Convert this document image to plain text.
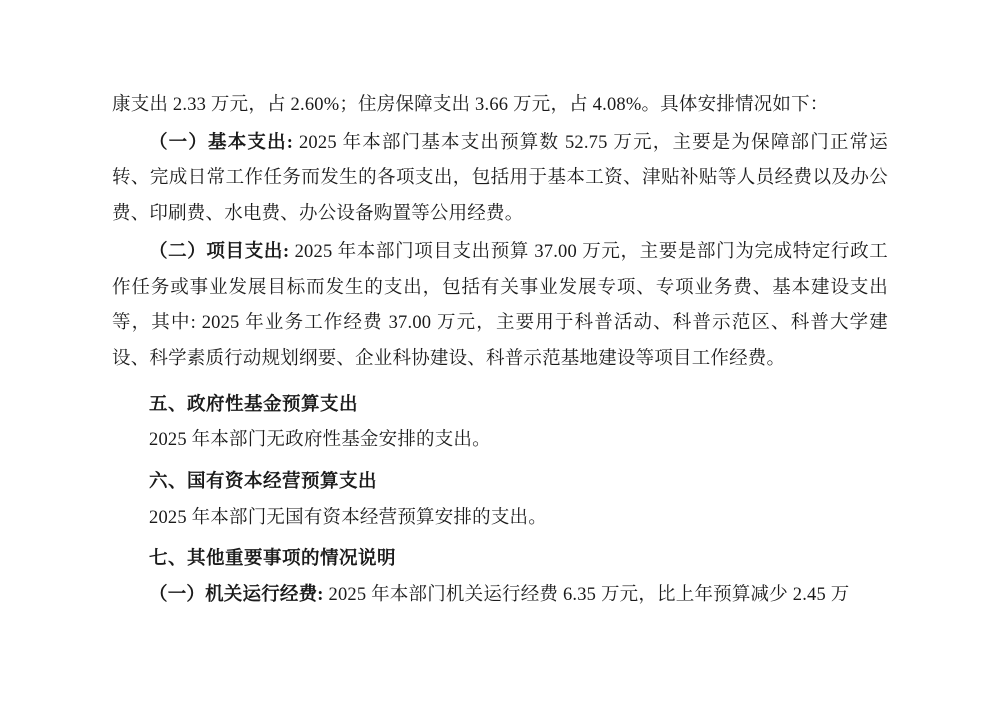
康支出 2.33 万元，占 2.60%；住房保障支出 3.66 万元，占 4.08%。具体安排情况如下：

（一）基本支出: 2025 年本部门基本支出预算数 52.75 万元，主要是为保障部门正常运转、完成日常工作任务而发生的各项支出，包括用于基本工资、津贴补贴等人员经费以及办公费、印刷费、水电费、办公设备购置等公用经费。

（二）项目支出: 2025 年本部门项目支出预算 37.00 万元，主要是部门为完成特定行政工作任务或事业发展目标而发生的支出，包括有关事业发展专项、专项业务费、基本建设支出等，其中: 2025 年业务工作经费 37.00 万元，主要用于科普活动、科普示范区、科普大学建设、科学素质行动规划纲要、企业科协建设、科普示范基地建设等项目工作经费。

五、政府性基金预算支出

2025 年本部门无政府性基金安排的支出。

六、国有资本经营预算支出

2025 年本部门无国有资本经营预算安排的支出。

七、其他重要事项的情况说明

（一）机关运行经费: 2025 年本部门机关运行经费 6.35 万元，比上年预算减少 2.45 万
